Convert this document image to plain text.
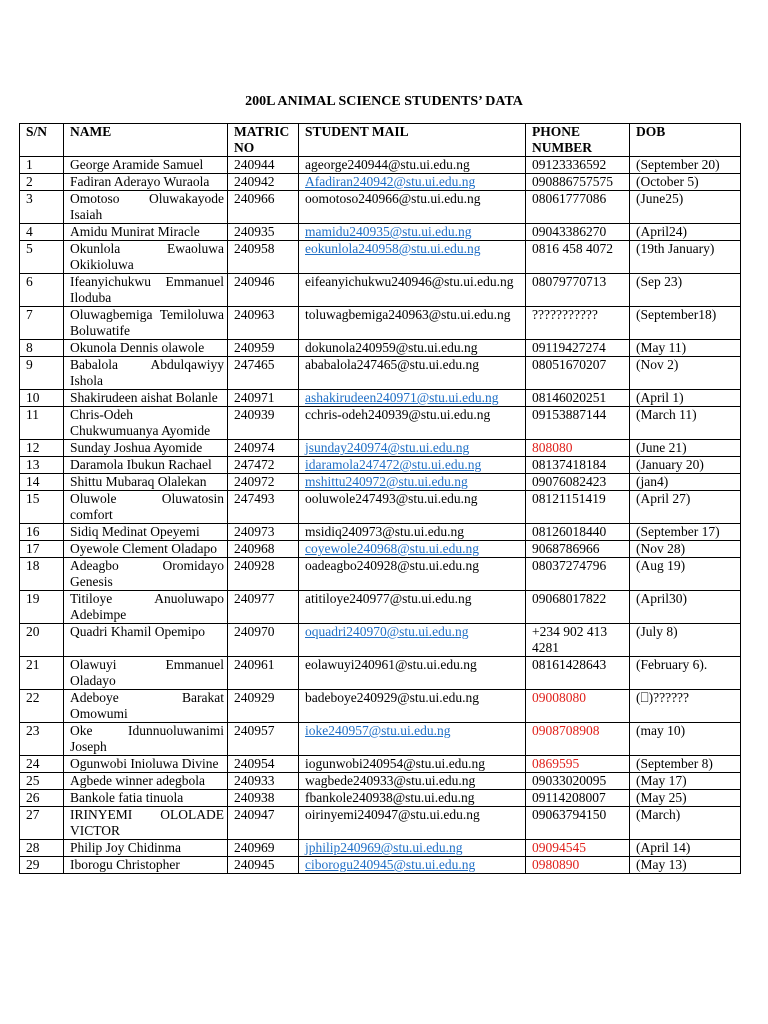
200L ANIMAL SCIENCE STUDENTS’ DATA
S/N	NAME	MATRIC NO	STUDENT MAIL	PHONE NUMBER	DOB
1	George Aramide Samuel	240944	ageorge240944@stu.ui.edu.ng	09123336592	(September 20)
2	Fadiran Aderayo Wuraola	240942	Afadiran240942@stu.ui.edu.ng	090886757575	(October 5)
3	Omotoso Oluwakayode Isaiah	240966	oomotoso240966@stu.ui.edu.ng	08061777086	(June25)
4	Amidu Munirat Miracle	240935	mamidu240935@stu.ui.edu.ng	09043386270	(April24)
5	Okunlola Ewaoluwa Okikioluwa	240958	eokunlola240958@stu.ui.edu.ng	0816 458 4072	(19th January)
6	Ifeanyichukwu Emmanuel Iloduba	240946	eifeanyichukwu240946@stu.ui.edu.ng	08079770713	(Sep 23)
7	Oluwagbemiga Temiloluwa Boluwatife	240963	toluwagbemiga240963@stu.ui.edu.ng	???????????	(September18)
8	Okunola Dennis olawole	240959	dokunola240959@stu.ui.edu.ng	09119427274	(May 11)
9	Babalola Abdulqawiyy Ishola	247465	ababalola247465@stu.ui.edu.ng	08051670207	(Nov 2)
10	Shakirudeen aishat Bolanle	240971	ashakirudeen240971@stu.ui.edu.ng	08146020251	(April 1)
11	Chris-Odeh Chukwumuanya Ayomide	240939	cchris-odeh240939@stu.ui.edu.ng	09153887144	(March 11)
12	Sunday Joshua Ayomide	240974	jsunday240974@stu.ui.edu.ng	808080	(June 21)
13	Daramola Ibukun Rachael	247472	idaramola247472@stu.ui.edu.ng	08137418184	(January 20)
14	Shittu Mubaraq Olalekan	240972	mshittu240972@stu.ui.edu.ng	09076082423	(jan4)
15	Oluwole Oluwatosin comfort	247493	ooluwole247493@stu.ui.edu.ng	08121151419	(April 27)
16	Sidiq Medinat Opeyemi	240973	msidiq240973@stu.ui.edu.ng	08126018440	(September 17)
17	Oyewole Clement Oladapo	240968	coyewole240968@stu.ui.edu.ng	9068786966	(Nov 28)
18	Adeagbo Oromidayo Genesis	240928	oadeagbo240928@stu.ui.edu.ng	08037274796	(Aug 19)
19	Titiloye Anuoluwapo Adebimpe	240977	atitiloye240977@stu.ui.edu.ng	09068017822	(April30)
20	Quadri Khamil Opemipo	240970	oquadri240970@stu.ui.edu.ng	+234 902 413 4281	(July 8)
21	Olawuyi Emmanuel Oladayo	240961	eolawuyi240961@stu.ui.edu.ng	08161428643	(February 6).
22	Adeboye Barakat Omowumi	240929	badeboye240929@stu.ui.edu.ng	09008080	(⎕)??????
23	Oke Idunnuoluwanimi Joseph	240957	ioke240957@stu.ui.edu.ng	0908708908	(may 10)
24	Ogunwobi Inioluwa Divine	240954	iogunwobi240954@stu.ui.edu.ng	0869595	(September 8)
25	Agbede winner adegbola	240933	wagbede240933@stu.ui.edu.ng	09033020095	(May 17)
26	Bankole fatia tinuola	240938	fbankole240938@stu.ui.edu.ng	09114208007	(May 25)
27	IRINYEMI OLOLADE VICTOR	240947	oirinyemi240947@stu.ui.edu.ng	09063794150	(March)
28	Philip Joy Chidinma	240969	jphilip240969@stu.ui.edu.ng	09094545	(April 14)
29	Iborogu Christopher	240945	ciborogu240945@stu.ui.edu.ng	0980890	(May 13)
